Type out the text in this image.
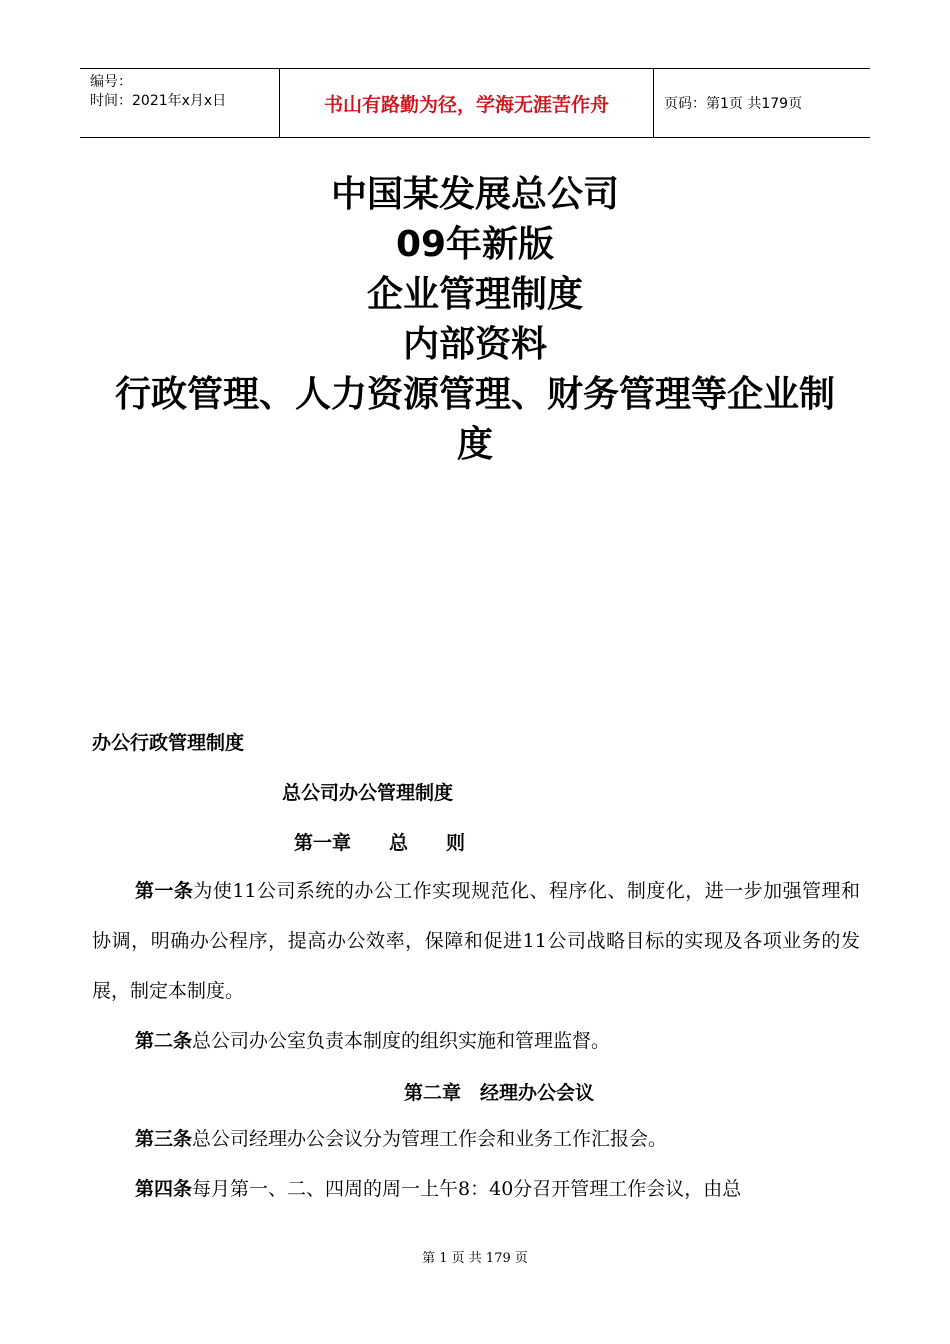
编号：
时间：2021年x月x日	书山有路勤为径，学海无涯苦作舟	页码：第1页 共179页
中国某发展总公司
09年新版
企业管理制度
内部资料
行政管理、人力资源管理、财务管理等企业制
度
办公行政管理制度
总公司办公管理制度
第一章　　总　　则
第一条为使11公司系统的办公工作实现规范化、程序化、制度化，进一步加强管理和协调，明确办公程序，提高办公效率，保障和促进11公司战略目标的实现及各项业务的发展，制定本制度。
第二条总公司办公室负责本制度的组织实施和管理监督。
第二章　经理办公会议
第三条总公司经理办公会议分为管理工作会和业务工作汇报会。
第四条每月第一、二、四周的周一上午8：40分召开管理工作会议，由总
第 1 页 共 179 页
